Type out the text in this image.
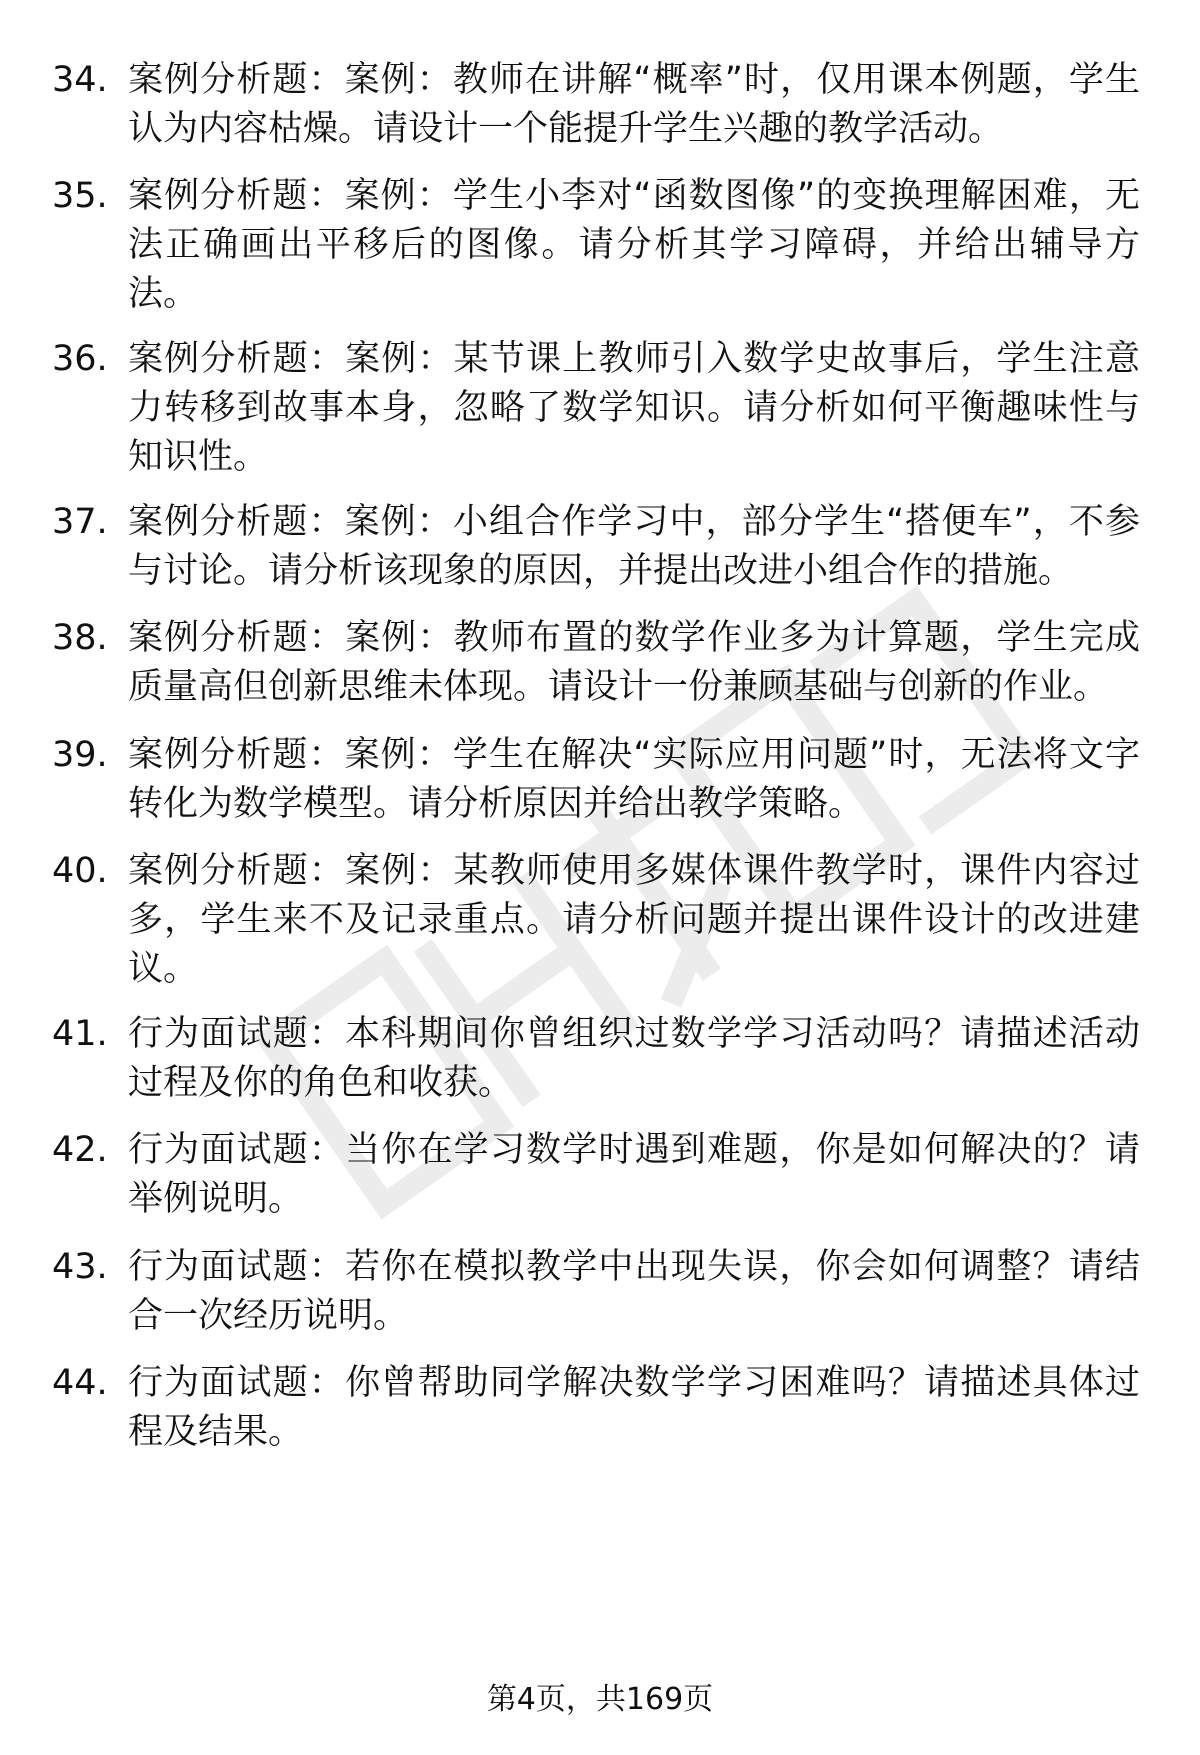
34. 案例分析题：案例：教师在讲解“概率”时，仅用课本例题，学生认为内容枯燥。请设计一个能提升学生兴趣的教学活动。
35. 案例分析题：案例：学生小李对“函数图像”的变换理解困难，无法正确画出平移后的图像。请分析其学习障碍，并给出辅导方法。
36. 案例分析题：案例：某节课上教师引入数学史故事后，学生注意力转移到故事本身，忽略了数学知识。请分析如何平衡趣味性与知识性。
37. 案例分析题：案例：小组合作学习中，部分学生“搭便车”，不参与讨论。请分析该现象的原因，并提出改进小组合作的措施。
38. 案例分析题：案例：教师布置的数学作业多为计算题，学生完成质量高但创新思维未体现。请设计一份兼顾基础与创新的作业。
39. 案例分析题：案例：学生在解决“实际应用问题”时，无法将文字转化为数学模型。请分析原因并给出教学策略。
40. 案例分析题：案例：某教师使用多媒体课件教学时，课件内容过多，学生来不及记录重点。请分析问题并提出课件设计的改进建议。
41. 行为面试题：本科期间你曾组织过数学学习活动吗？请描述活动过程及你的角色和收获。
42. 行为面试题：当你在学习数学时遇到难题，你是如何解决的？请举例说明。
43. 行为面试题：若你在模拟教学中出现失误，你会如何调整？请结合一次经历说明。
44. 行为面试题：你曾帮助同学解决数学学习困难吗？请描述具体过程及结果。
第4页，共169页
